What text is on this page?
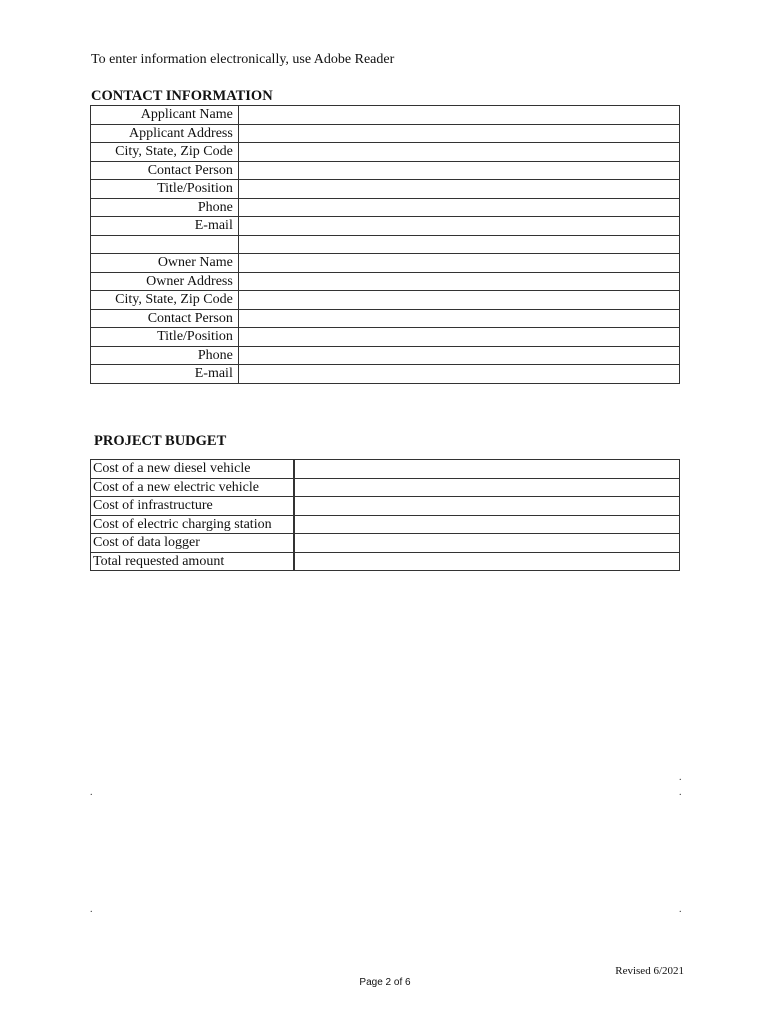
To enter information electronically, use Adobe Reader
CONTACT INFORMATION
Applicant Name	
Applicant Address	
City, State, Zip Code	
Contact Person	
Title/Position	
Phone	
E-mail	

Owner Name	
Owner Address	
City, State, Zip Code	
Contact Person	
Title/Position	
Phone	
E-mail	
PROJECT BUDGET
Cost of a new diesel vehicle	
Cost of a new electric vehicle	
Cost of infrastructure	
Cost of electric charging station	
Cost of data logger	
Total requested amount	
.
.	.
.	.
Revised 6/2021
Page 2 of 6
